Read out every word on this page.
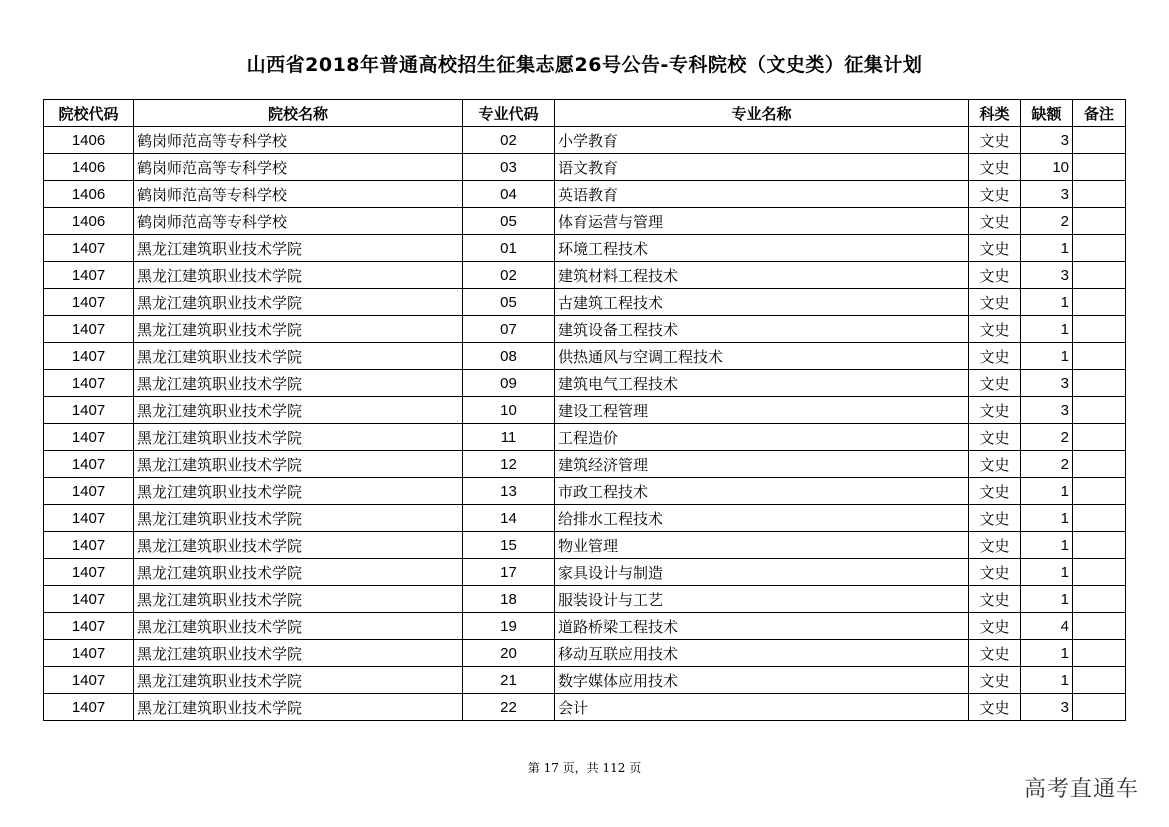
山西省2018年普通高校招生征集志愿26号公告-专科院校（文史类）征集计划
院校代码	院校名称	专业代码	专业名称	科类	缺额	备注
1406	鹤岗师范高等专科学校	02	小学教育	文史	3	
1406	鹤岗师范高等专科学校	03	语文教育	文史	10	
1406	鹤岗师范高等专科学校	04	英语教育	文史	3	
1406	鹤岗师范高等专科学校	05	体育运营与管理	文史	2	
1407	黑龙江建筑职业技术学院	01	环境工程技术	文史	1	
1407	黑龙江建筑职业技术学院	02	建筑材料工程技术	文史	3	
1407	黑龙江建筑职业技术学院	05	古建筑工程技术	文史	1	
1407	黑龙江建筑职业技术学院	07	建筑设备工程技术	文史	1	
1407	黑龙江建筑职业技术学院	08	供热通风与空调工程技术	文史	1	
1407	黑龙江建筑职业技术学院	09	建筑电气工程技术	文史	3	
1407	黑龙江建筑职业技术学院	10	建设工程管理	文史	3	
1407	黑龙江建筑职业技术学院	11	工程造价	文史	2	
1407	黑龙江建筑职业技术学院	12	建筑经济管理	文史	2	
1407	黑龙江建筑职业技术学院	13	市政工程技术	文史	1	
1407	黑龙江建筑职业技术学院	14	给排水工程技术	文史	1	
1407	黑龙江建筑职业技术学院	15	物业管理	文史	1	
1407	黑龙江建筑职业技术学院	17	家具设计与制造	文史	1	
1407	黑龙江建筑职业技术学院	18	服装设计与工艺	文史	1	
1407	黑龙江建筑职业技术学院	19	道路桥梁工程技术	文史	4	
1407	黑龙江建筑职业技术学院	20	移动互联应用技术	文史	1	
1407	黑龙江建筑职业技术学院	21	数字媒体应用技术	文史	1	
1407	黑龙江建筑职业技术学院	22	会计	文史	3	
第 17 页，共 112 页
高考直通车
